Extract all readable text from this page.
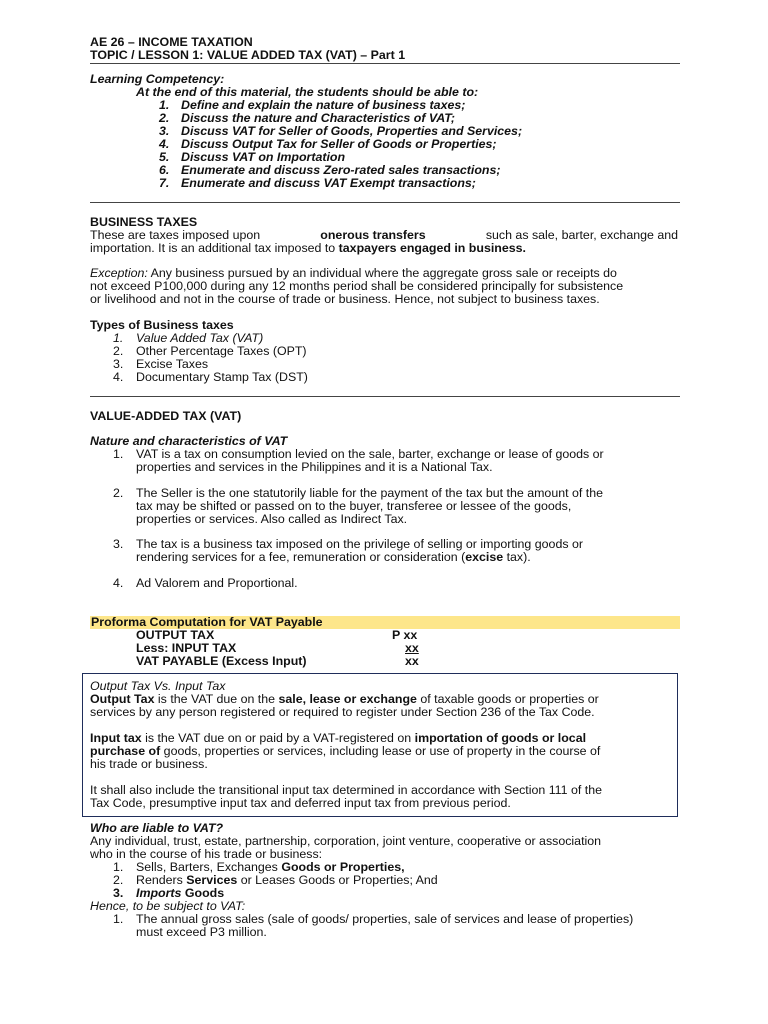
AE 26 – INCOME TAXATION
TOPIC / LESSON 1: VALUE ADDED TAX (VAT) – Part 1
Learning Competency:
At the end of this material, the students should be able to:
1. Define and explain the nature of business taxes;
2. Discuss the nature and Characteristics of VAT;
3. Discuss VAT for Seller of Goods, Properties and Services;
4. Discuss Output Tax for Seller of Goods or Properties;
5. Discuss VAT on Importation
6. Enumerate and discuss Zero-rated sales transactions;
7. Enumerate and discuss VAT Exempt transactions;
BUSINESS TAXES
These are taxes imposed upon	onerous transfers	such as sale, barter, exchange and
importation. It is an additional tax imposed to taxpayers engaged in business.
Exception: Any business pursued by an individual where the aggregate gross sale or receipts do
not exceed P100,000 during any 12 months period shall be considered principally for subsistence
or livelihood and not in the course of trade or business. Hence, not subject to business taxes.
Types of Business taxes
1. Value Added Tax (VAT)
2. Other Percentage Taxes (OPT)
3. Excise Taxes
4. Documentary Stamp Tax (DST)
VALUE-ADDED TAX (VAT)
Nature and characteristics of VAT
1. VAT is a tax on consumption levied on the sale, barter, exchange or lease of goods or
properties and services in the Philippines and it is a National Tax.
2. The Seller is the one statutorily liable for the payment of the tax but the amount of the
tax may be shifted or passed on to the buyer, transferee or lessee of the goods,
properties or services. Also called as Indirect Tax.
3. The tax is a business tax imposed on the privilege of selling or importing goods or
rendering services for a fee, remuneration or consideration (excise tax).
4. Ad Valorem and Proportional.
Proforma Computation for VAT Payable
OUTPUT TAX	P xx
Less: INPUT TAX	xx
VAT PAYABLE (Excess Input)	xx
Output Tax Vs. Input Tax
Output Tax is the VAT due on the sale, lease or exchange of taxable goods or properties or
services by any person registered or required to register under Section 236 of the Tax Code.
Input tax is the VAT due on or paid by a VAT-registered on importation of goods or local
purchase of goods, properties or services, including lease or use of property in the course of
his trade or business.
It shall also include the transitional input tax determined in accordance with Section 111 of the
Tax Code, presumptive input tax and deferred input tax from previous period.
Who are liable to VAT?
Any individual, trust, estate, partnership, corporation, joint venture, cooperative or association
who in the course of his trade or business:
1. Sells, Barters, Exchanges Goods or Properties,
2. Renders Services or Leases Goods or Properties; And
3. Imports Goods
Hence, to be subject to VAT:
1. The annual gross sales (sale of goods/ properties, sale of services and lease of properties)
must exceed P3 million.
